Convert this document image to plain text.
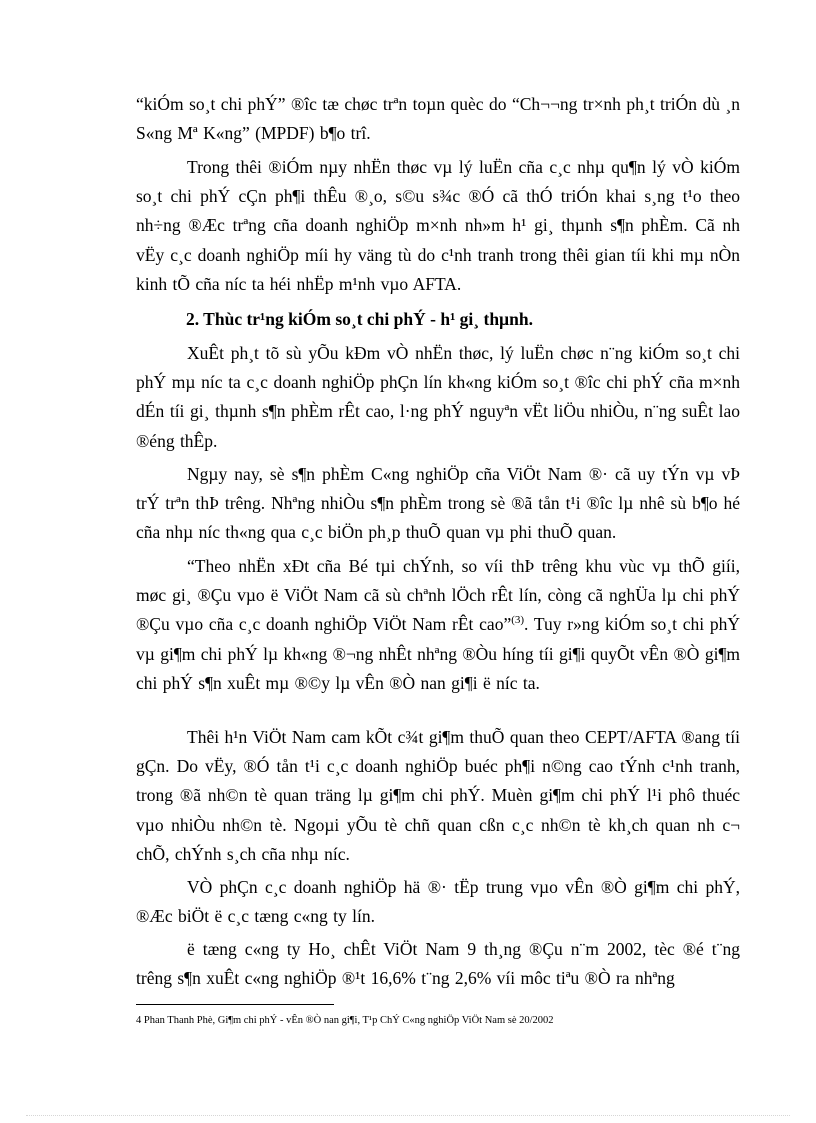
“kiÓm so¸t chi phÝ” ®îc tæ chøc trªn toµn quèc do “Ch¬¬ng tr×nh ph¸t triÓn dù ¸n S«ng Mª K«ng” (MPDF) b¶o trî.

Trong thêi ®iÓm nµy nhËn thøc vµ lý luËn cña c¸c nhµ qu¶n lý vÒ kiÓm so¸t chi phÝ cÇn ph¶i thÊu ®¸o, s©u s¾c ®Ó cã thÓ triÓn khai s¸ng t¹o theo nh÷ng ®Æc trªng cña doanh nghiÖp m×nh nh»m h¹ gi¸ thµnh s¶n phÈm. Cã nh vËy c¸c doanh nghiÖp míi hy väng tù do c¹nh tranh trong thêi gian tíi khi mµ nÒn kinh tÕ cña níc ta héi nhËp m¹nh vµo AFTA.

2. Thùc tr¹ng kiÓm so¸t chi phÝ - h¹ gi¸ thµnh.

XuÊt ph¸t tõ sù yÕu kÐm vÒ nhËn thøc, lý luËn chøc n¨ng kiÓm so¸t chi phÝ mµ níc ta c¸c doanh nghiÖp phÇn lín kh«ng kiÓm so¸t ®îc chi phÝ cña m×nh dÉn tíi gi¸ thµnh s¶n phÈm rÊt cao, l·ng phÝ nguyªn vËt liÖu nhiÒu, n¨ng suÊt lao ®éng thÊp.

Ngµy nay, sè s¶n phÈm C«ng nghiÖp cña ViÖt Nam ®· cã uy tÝn vµ vÞ trÝ trªn thÞ trêng. Nhªng nhiÒu s¶n phÈm trong sè ®ã tån t¹i ®îc lµ nhê sù b¶o hé cña nhµ níc th«ng qua c¸c biÖn ph¸p thuÕ quan vµ phi thuÕ quan.

“Theo nhËn xÐt cña Bé tµi chÝnh, so víi thÞ trêng khu vùc vµ thÕ giíi, møc gi¸ ®Çu vµo ë ViÖt Nam cã sù chªnh lÖch rÊt lín, còng cã nghÜa lµ chi phÝ ®Çu vµo cña c¸c doanh nghiÖp ViÖt Nam rÊt cao”$^{(3)}$. Tuy r»ng kiÓm so¸t chi phÝ vµ gi¶m chi phÝ lµ kh«ng ®¬ng nhÊt nhªng ®Òu híng tíi gi¶i quyÕt vÊn ®Ò gi¶m chi phÝ s¶n xuÊt mµ ®©y lµ vÊn ®Ò nan gi¶i ë níc ta.

Thêi h¹n ViÖt Nam cam kÕt c¾t gi¶m thuÕ quan theo CEPT/AFTA ®ang tíi gÇn. Do vËy, ®Ó tån t¹i c¸c doanh nghiÖp buéc ph¶i n©ng cao tÝnh c¹nh tranh, trong ®ã nh©n tè quan träng lµ gi¶m chi phÝ. Muèn gi¶m chi phÝ l¹i phô thuéc vµo nhiÒu nh©n tè. Ngoµi yÕu tè chñ quan cßn c¸c nh©n tè kh¸ch quan nh c¬ chÕ, chÝnh s¸ch cña nhµ níc.

VÒ phÇn c¸c doanh nghiÖp hä ®· tËp trung vµo vÊn ®Ò gi¶m chi phÝ, ®Æc biÖt ë c¸c tæng c«ng ty lín.

ë tæng c«ng ty Ho¸ chÊt ViÖt Nam 9 th¸ng ®Çu n¨m 2002, tèc ®é t¨ng trêng s¶n xuÊt c«ng nghiÖp ®¹t 16,6% t¨ng 2,6% víi môc tiªu ®Ò ra nhªng

4 Phan Thanh Phè, Gi¶m chi phÝ - vÊn ®Ò nan gi¶i, T¹p ChÝ C«ng nghiÖp ViÖt Nam sè 20/2002
